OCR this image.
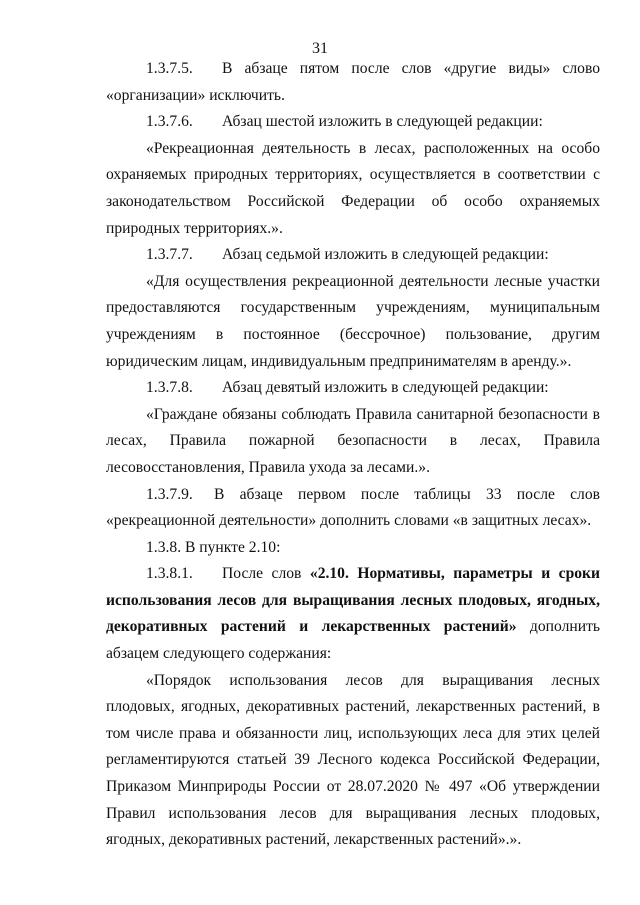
31

1.3.7.5. В абзаце пятом после слов «другие виды» слово «организации» исключить.

1.3.7.6. Абзац шестой изложить в следующей редакции:

«Рекреационная деятельность в лесах, расположенных на особо охраняемых природных территориях, осуществляется в соответствии с законодательством Российской Федерации об особо охраняемых природных территориях.».

1.3.7.7. Абзац седьмой изложить в следующей редакции:

«Для осуществления рекреационной деятельности лесные участки предоставляются государственным учреждениям, муниципальным учреждениям в постоянное (бессрочное) пользование, другим юридическим лицам, индивидуальным предпринимателям в аренду.».

1.3.7.8. Абзац девятый изложить в следующей редакции:

«Граждане обязаны соблюдать Правила санитарной безопасности в лесах, Правила пожарной безопасности в лесах, Правила лесовосстановления, Правила ухода за лесами.».

1.3.7.9. В абзаце первом после таблицы 33 после слов «рекреационной деятельности» дополнить словами «в защитных лесах».

1.3.8. В пункте 2.10:

1.3.8.1. После слов «2.10. Нормативы, параметры и сроки использования лесов для выращивания лесных плодовых, ягодных, декоративных растений и лекарственных растений» дополнить абзацем следующего содержания:

«Порядок использования лесов для выращивания лесных плодовых, ягодных, декоративных растений, лекарственных растений, в том числе права и обязанности лиц, использующих леса для этих целей регламентируются статьей 39 Лесного кодекса Российской Федерации, Приказом Минприроды России от 28.07.2020 № 497 «Об утверждении Правил использования лесов для выращивания лесных плодовых, ягодных, декоративных растений, лекарственных растений».».
